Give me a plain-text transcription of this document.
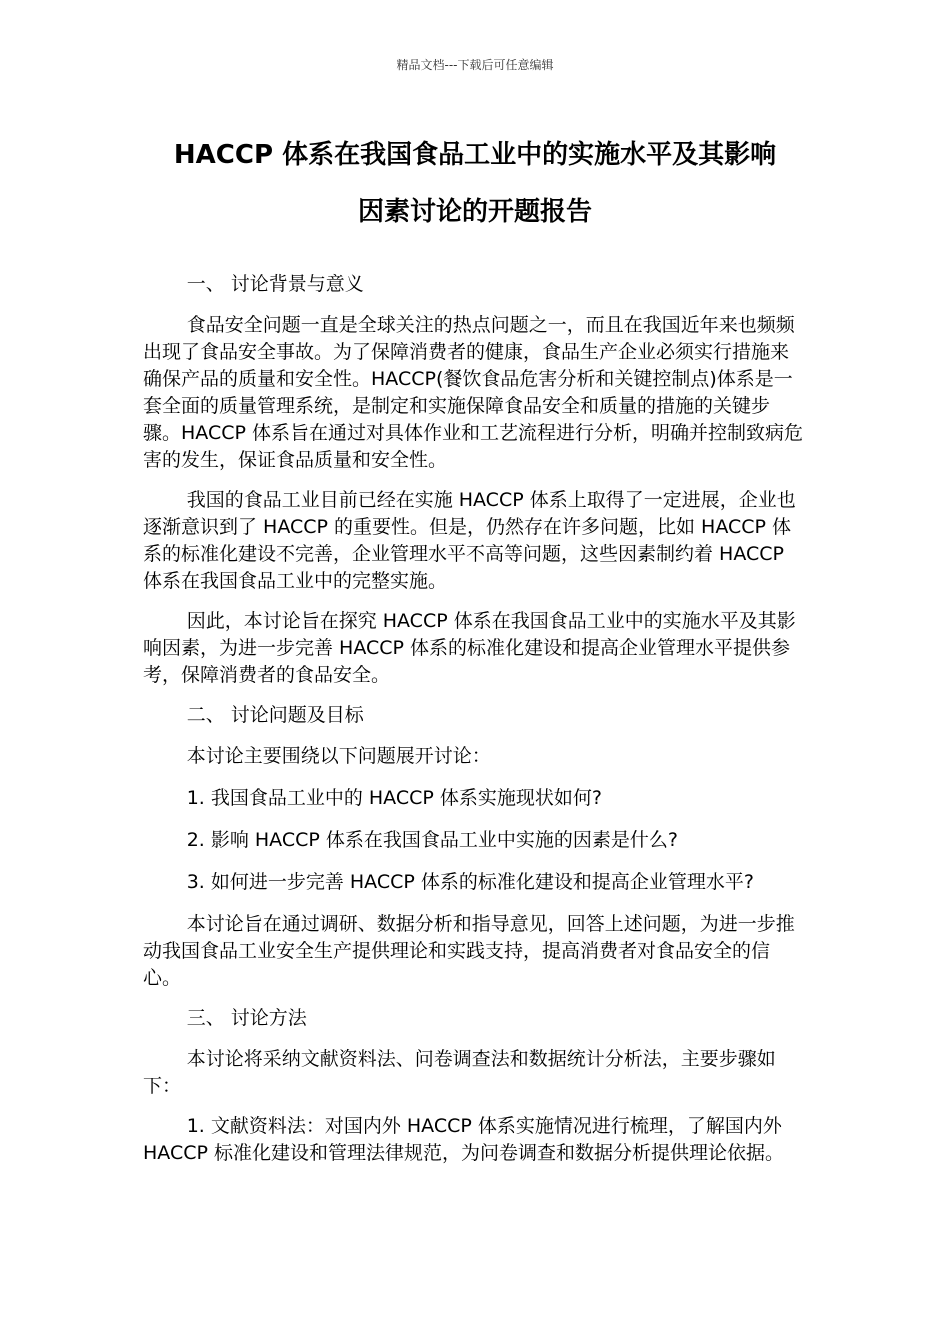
精品文档---下载后可任意编辑
HACCP 体系在我国食品工业中的实施水平及其影响
因素讨论的开题报告

一、 讨论背景与意义

食品安全问题一直是全球关注的热点问题之一，而且在我国近年来也频频出现了食品安全事故。为了保障消费者的健康，食品生产企业必须实行措施来确保产品的质量和安全性。HACCP(餐饮食品危害分析和关键控制点)体系是一套全面的质量管理系统，是制定和实施保障食品安全和质量的措施的关键步骤。HACCP 体系旨在通过对具体作业和工艺流程进行分析，明确并控制致病危害的发生，保证食品质量和安全性。

我国的食品工业目前已经在实施 HACCP 体系上取得了一定进展，企业也逐渐意识到了 HACCP 的重要性。但是，仍然存在许多问题，比如 HACCP 体系的标准化建设不完善，企业管理水平不高等问题，这些因素制约着 HACCP 体系在我国食品工业中的完整实施。

因此，本讨论旨在探究 HACCP 体系在我国食品工业中的实施水平及其影响因素，为进一步完善 HACCP 体系的标准化建设和提高企业管理水平提供参考，保障消费者的食品安全。

二、 讨论问题及目标

本讨论主要围绕以下问题展开讨论：

1. 我国食品工业中的 HACCP 体系实施现状如何?

2. 影响 HACCP 体系在我国食品工业中实施的因素是什么?

3. 如何进一步完善 HACCP 体系的标准化建设和提高企业管理水平?

本讨论旨在通过调研、数据分析和指导意见，回答上述问题，为进一步推动我国食品工业安全生产提供理论和实践支持，提高消费者对食品安全的信心。

三、 讨论方法

本讨论将采纳文献资料法、问卷调查法和数据统计分析法，主要步骤如下：

1. 文献资料法：对国内外 HACCP 体系实施情况进行梳理，了解国内外 HACCP 标准化建设和管理法律规范，为问卷调查和数据分析提供理论依据。
